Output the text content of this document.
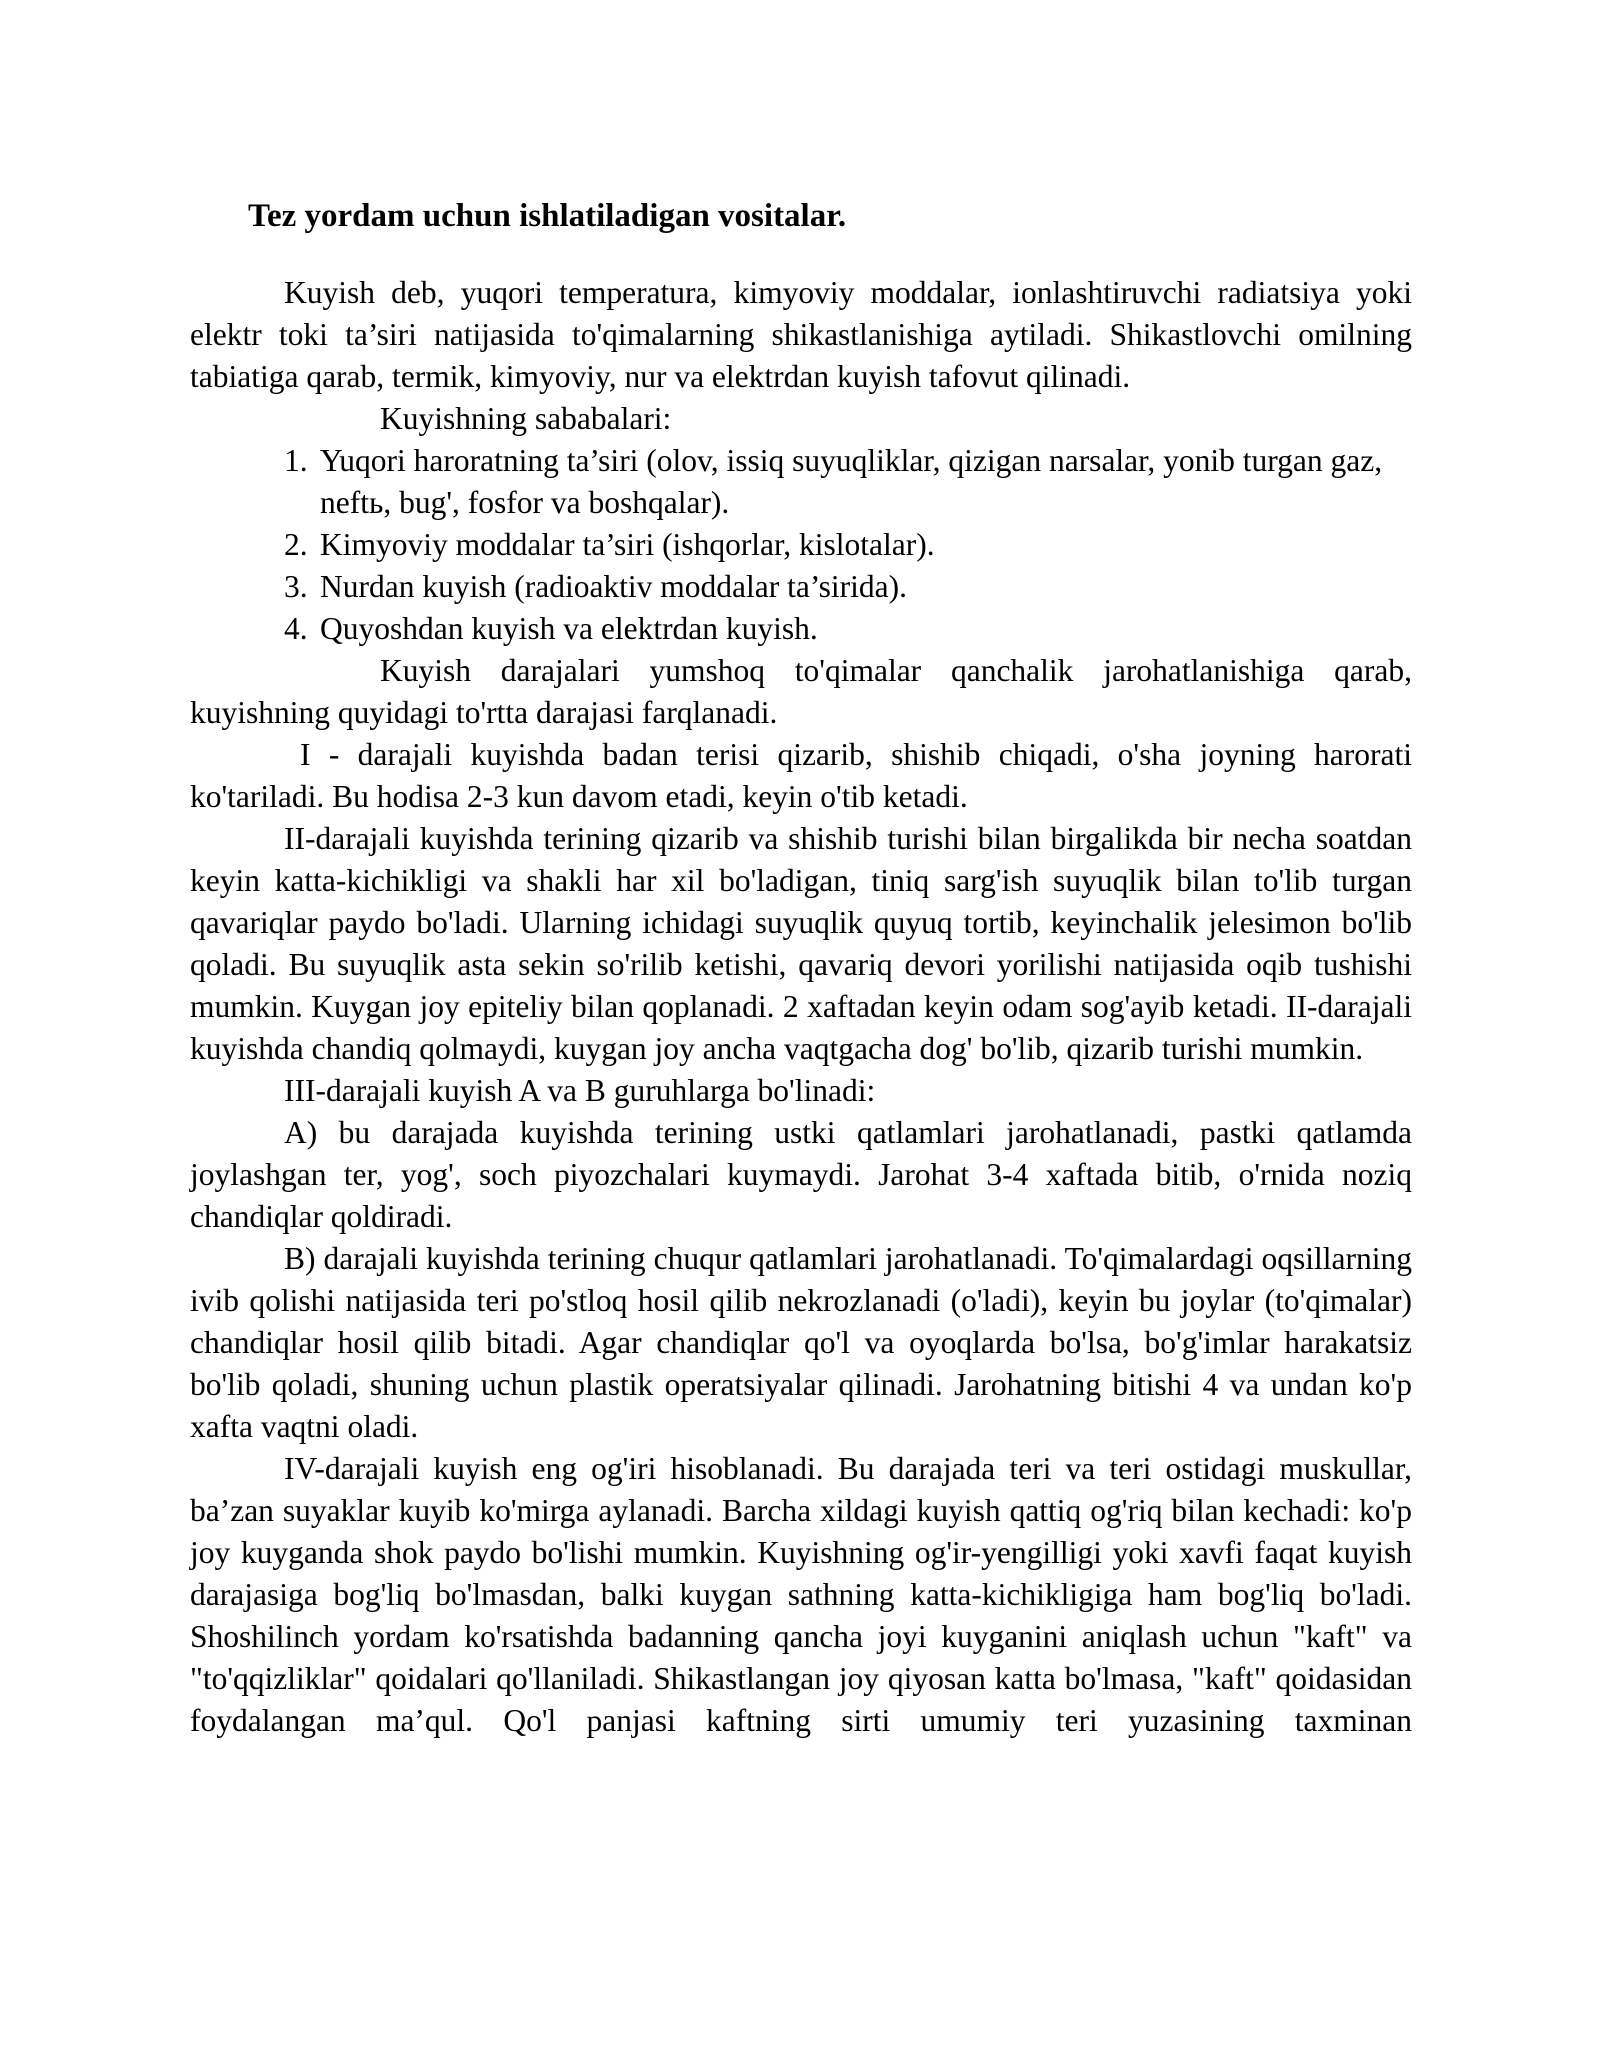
Tez yordam uchun ishlatiladigan vositalar.

Kuyish deb, yuqori temperatura, kimyoviy moddalar, ionlashtiruvchi radiatsiya yoki elektr toki ta’siri natijasida to'qimalarning shikastlanishiga aytiladi. Shikastlovchi omilning tabiatiga qarab, termik, kimyoviy, nur va elektrdan kuyish tafovut qilinadi.

Kuyishning sababalari:

1. Yuqori haroratning ta’siri (olov, issiq suyuqliklar, qizigan narsalar, yonib turgan gaz, neftь, bug', fosfor va boshqalar).
2. Kimyoviy moddalar ta’siri (ishqorlar, kislotalar).
3. Nurdan kuyish (radioaktiv moddalar ta’sirida).
4. Quyoshdan kuyish va elektrdan kuyish.

Kuyish darajalari yumshoq to'qimalar qanchalik jarohatlanishiga qarab, kuyishning quyidagi to'rtta darajasi farqlanadi.

I - darajali kuyishda badan terisi qizarib, shishib chiqadi, o'sha joyning harorati ko'tariladi. Bu hodisa 2-3 kun davom etadi, keyin o'tib ketadi.

II-darajali kuyishda terining qizarib va shishib turishi bilan birgalikda bir necha soatdan keyin katta-kichikligi va shakli har xil bo'ladigan, tiniq sarg'ish suyuqlik bilan to'lib turgan qavariqlar paydo bo'ladi. Ularning ichidagi suyuqlik quyuq tortib, keyinchalik jelesimon bo'lib qoladi. Bu suyuqlik asta sekin so'rilib ketishi, qavariq devori yorilishi natijasida oqib tushishi mumkin. Kuygan joy epiteliy bilan qoplanadi. 2 xaftadan keyin odam sog'ayib ketadi. II-darajali kuyishda chandiq qolmaydi, kuygan joy ancha vaqtgacha dog' bo'lib, qizarib turishi mumkin.

III-darajali kuyish A va B guruhlarga bo'linadi:

A) bu darajada kuyishda terining ustki qatlamlari jarohatlanadi, pastki qatlamda joylashgan ter, yog', soch piyozchalari kuymaydi. Jarohat 3-4 xaftada bitib, o'rnida noziq chandiqlar qoldiradi.

B) darajali kuyishda terining chuqur qatlamlari jarohatlanadi. To'qimalardagi oqsillarning ivib qolishi natijasida teri po'stloq hosil qilib nekrozlanadi (o'ladi), keyin bu joylar (to'qimalar) chandiqlar hosil qilib bitadi. Agar chandiqlar qo'l va oyoqlarda bo'lsa, bo'g'imlar harakatsiz bo'lib qoladi, shuning uchun plastik operatsiyalar qilinadi. Jarohatning bitishi 4 va undan ko'p xafta vaqtni oladi.

IV-darajali kuyish eng og'iri hisoblanadi. Bu darajada teri va teri ostidagi muskullar, ba’zan suyaklar kuyib ko'mirga aylanadi. Barcha xildagi kuyish qattiq og'riq bilan kechadi: ko'p joy kuyganda shok paydo bo'lishi mumkin. Kuyishning og'ir-yengilligi yoki xavfi faqat kuyish darajasiga bog'liq bo'lmasdan, balki kuygan sathning katta-kichikligiga ham bog'liq bo'ladi. Shoshilinch yordam ko'rsatishda badanning qancha joyi kuyganini aniqlash uchun "kaft" va "to'qqizliklar" qoidalari qo'llaniladi. Shikastlangan joy qiyosan katta bo'lmasa, "kaft" qoidasidan foydalangan ma’qul. Qo'l panjasi kaftning sirti umumiy teri yuzasining taxminan
